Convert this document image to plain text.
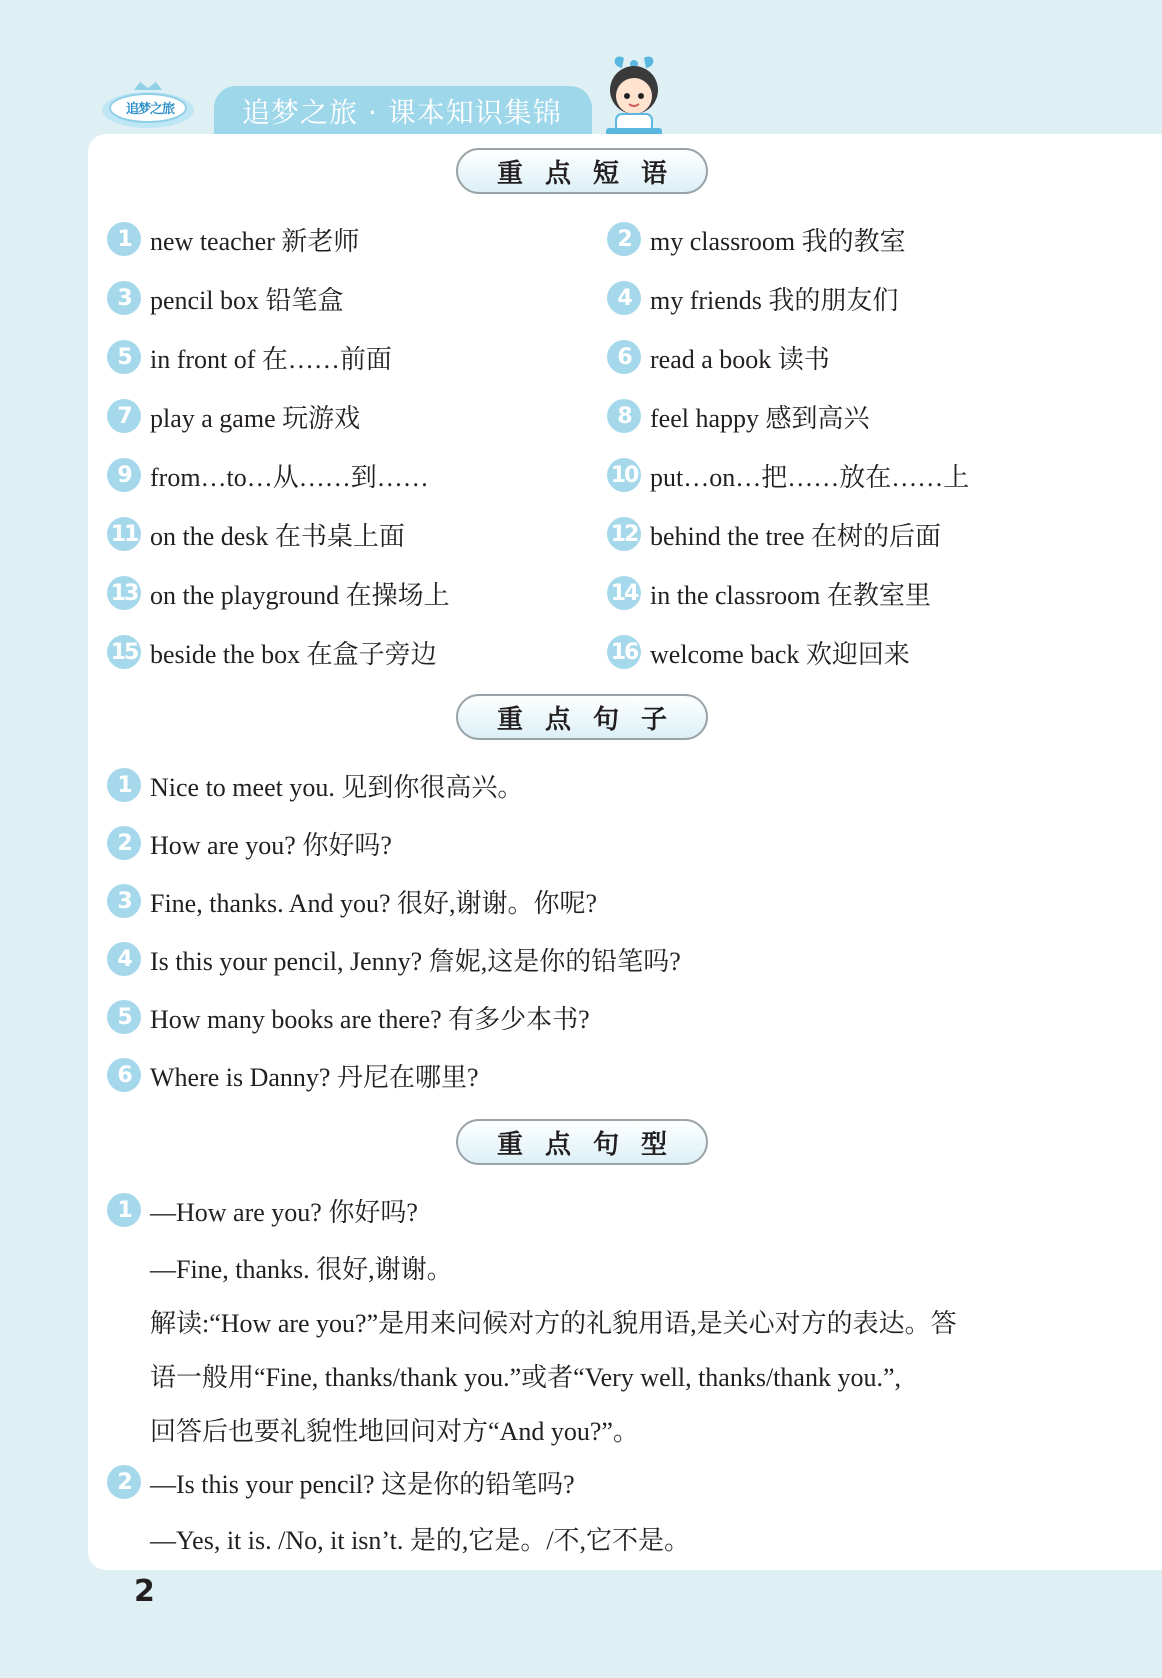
追梦之旅 追梦之旅 · 课本知识集锦
重点短语
1 new teacher 新老师	2 my classroom 我的教室
3 pencil box 铅笔盒	4 my friends 我的朋友们
5 in front of 在……前面	6 read a book 读书
7 play a game 玩游戏	8 feel happy 感到高兴
9 from…to…从……到……	10 put…on…把……放在……上
11 on the desk 在书桌上面	12 behind the tree 在树的后面
13 on the playground 在操场上	14 in the classroom 在教室里
15 beside the box 在盒子旁边	16 welcome back 欢迎回来
重点句子
1 Nice to meet you. 见到你很高兴。
2 How are you? 你好吗?
3 Fine, thanks. And you? 很好,谢谢。你呢?
4 Is this your pencil, Jenny? 詹妮,这是你的铅笔吗?
5 How many books are there? 有多少本书?
6 Where is Danny? 丹尼在哪里?
重点句型
1 —How are you? 你好吗?
—Fine, thanks. 很好,谢谢。
解读:“How are you?”是用来问候对方的礼貌用语,是关心对方的表达。答
语一般用“Fine, thanks/thank you.”或者“Very well, thanks/thank you.”,
回答后也要礼貌性地回问对方“And you?”。
2 —Is this your pencil? 这是你的铅笔吗?
—Yes, it is. /No, it isn’t. 是的,它是。/不,它不是。
2
